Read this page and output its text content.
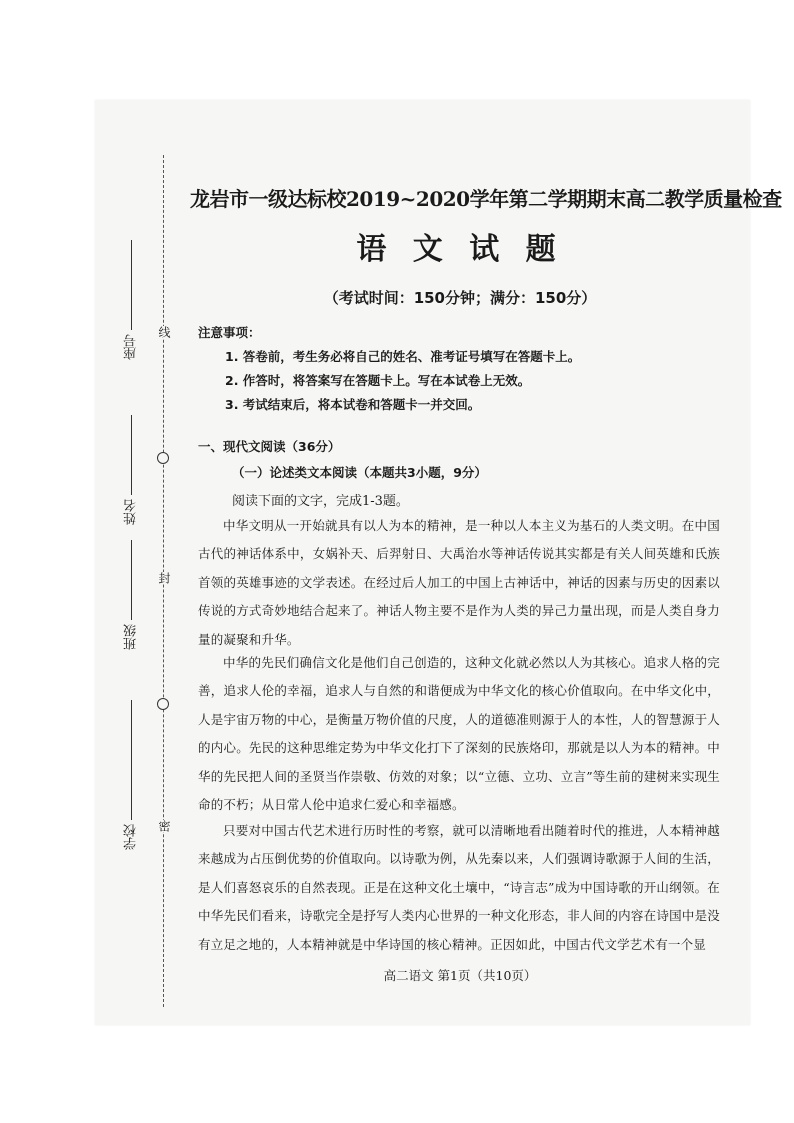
线
封
密
座号
姓名
班级
学校
龙岩市一级达标校2019~2020学年第二学期期末高二教学质量检查
语 文 试 题
（考试时间：150分钟；满分：150分）
注意事项：
1. 答卷前，考生务必将自己的姓名、准考证号填写在答题卡上。
2. 作答时，将答案写在答题卡上。写在本试卷上无效。
3. 考试结束后，将本试卷和答题卡一并交回。
一、现代文阅读（36分）
（一）论述类文本阅读（本题共3小题，9分）
阅读下面的文字，完成1-3题。
中华文明从一开始就具有以人为本的精神，是一种以人本主义为基石的人类文明。在中国古代的神话体系中，女娲补天、后羿射日、大禹治水等神话传说其实都是有关人间英雄和氏族首领的英雄事迹的文学表述。在经过后人加工的中国上古神话中，神话的因素与历史的因素以传说的方式奇妙地结合起来了。神话人物主要不是作为人类的异己力量出现，而是人类自身力量的凝聚和升华。
中华的先民们确信文化是他们自己创造的，这种文化就必然以人为其核心。追求人格的完善，追求人伦的幸福，追求人与自然的和谐便成为中华文化的核心价值取向。在中华文化中，人是宇宙万物的中心，是衡量万物价值的尺度，人的道德准则源于人的本性，人的智慧源于人的内心。先民的这种思维定势为中华文化打下了深刻的民族烙印，那就是以人为本的精神。中华的先民把人间的圣贤当作崇敬、仿效的对象；以“立德、立功、立言”等生前的建树来实现生命的不朽；从日常人伦中追求仁爱心和幸福感。
只要对中国古代艺术进行历时性的考察，就可以清晰地看出随着时代的推进，人本精神越来越成为占压倒优势的价值取向。以诗歌为例，从先秦以来，人们强调诗歌源于人间的生活，是人们喜怒哀乐的自然表现。正是在这种文化土壤中，“诗言志”成为中国诗歌的开山纲领。在中华先民们看来，诗歌完全是抒写人类内心世界的一种文化形态，非人间的内容在诗国中是没有立足之地的，人本精神就是中华诗国的核心精神。正因如此，中国古代文学艺术有一个显
高二语文 第1页（共10页）
